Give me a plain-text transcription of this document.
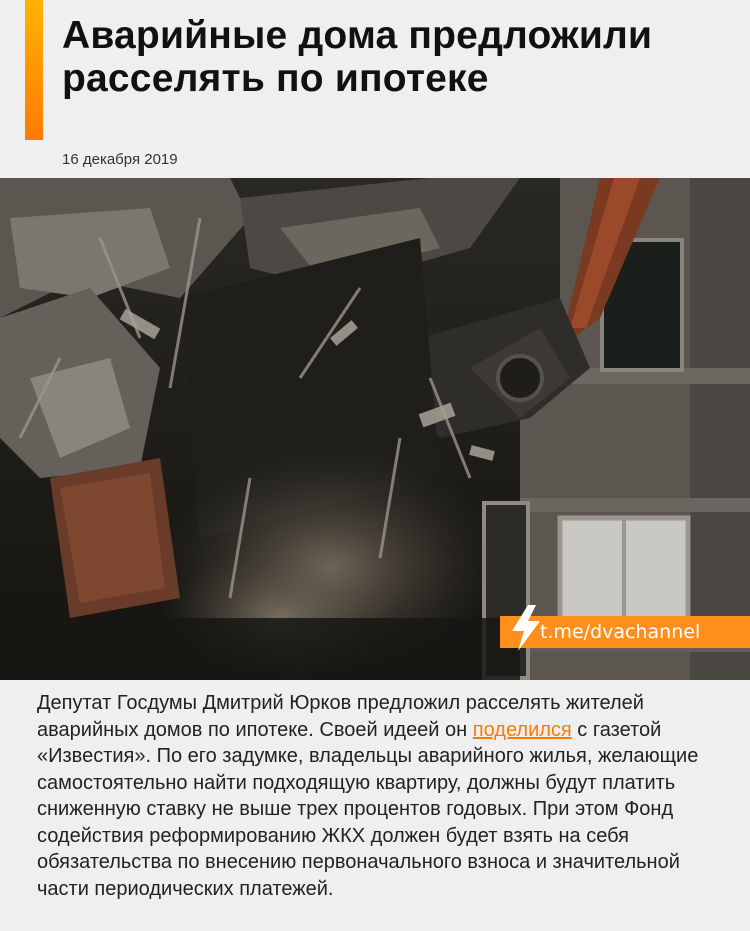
Аварийные дома предложили расселять по ипотеке
16 декабря 2019
t.me/dvachannel

Депутат Госдумы Дмитрий Юрков предложил расселять жителей аварийных домов по ипотеке. Своей идеей он поделился с газетой «Известия». По его задумке, владельцы аварийного жилья, желающие самостоятельно найти подходящую квартиру, должны будут платить сниженную ставку не выше трех процентов годовых. При этом Фонд содействия реформированию ЖКХ должен будет взять на себя обязательства по внесению первоначального взноса и значительной части периодических платежей.
